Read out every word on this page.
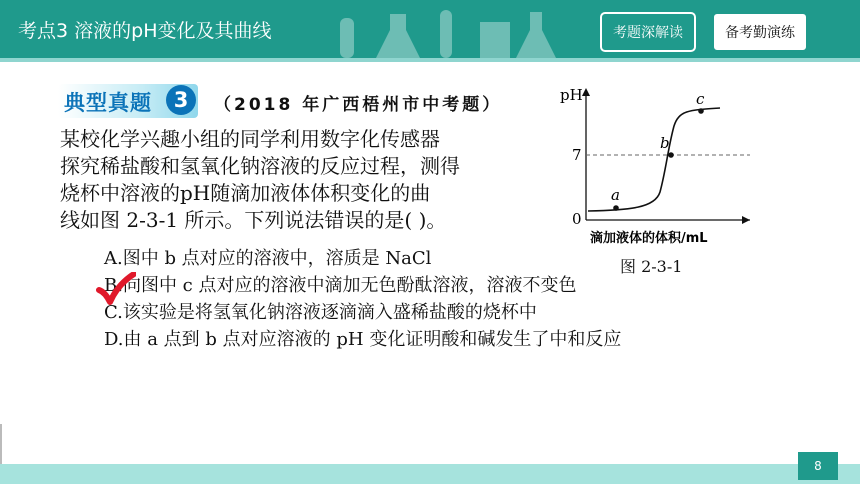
考点3 溶液的pH变化及其曲线	考题深解读	备考勤演练
典型真题	3	（2018 年广西梧州市中考题）
某校化学兴趣小组的同学利用数字化传感器
探究稀盐酸和氢氧化钠溶液的反应过程，测得
烧杯中溶液的pH随滴加液体体积变化的曲
线如图 2-3-1 所示。下列说法错误的是( )。
A.图中 b 点对应的溶液中，溶质是 NaCl
B.向图中 c 点对应的溶液中滴加无色酚酞溶液，溶液不变色
C.该实验是将氢氧化钠溶液逐滴滴入盛稀盐酸的烧杯中
D.由 a 点到 b 点对应溶液的 pH 变化证明酸和碱发生了中和反应
pH
7
0
a
b
c
滴加液体的体积/mL
图 2-3-1
8
